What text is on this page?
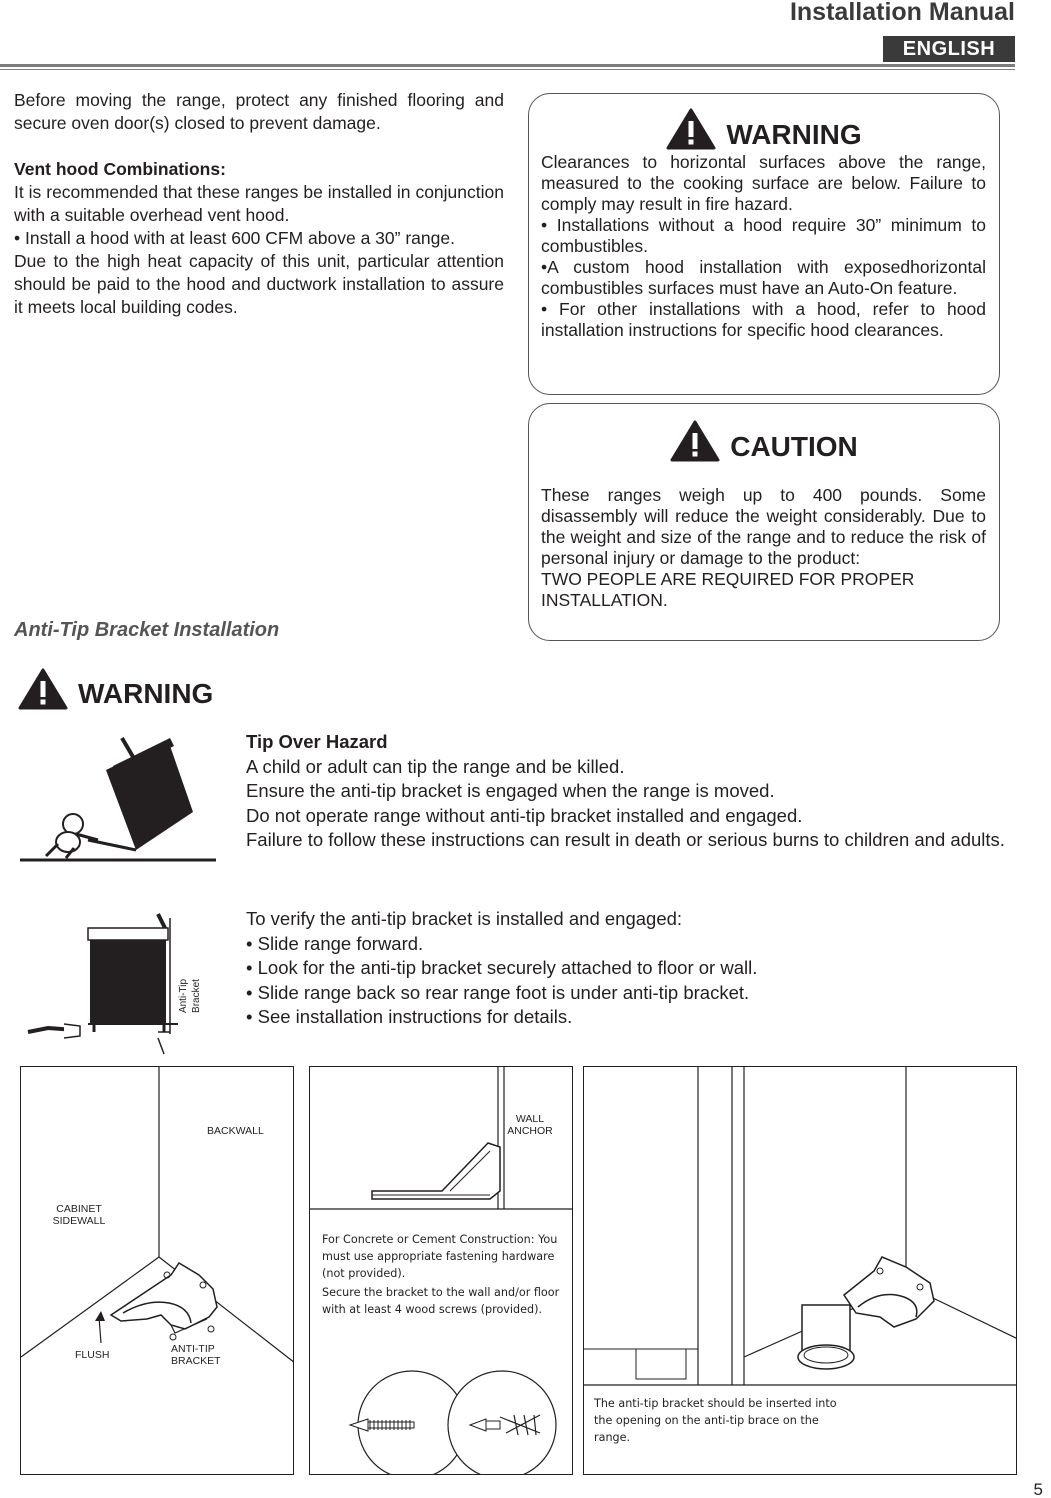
Installation Manual
ENGLISH

Before moving the range, protect any finished flooring and secure oven door(s) closed to prevent damage.

Vent hood Combinations:

It is recommended that these ranges be installed in conjunction with a suitable overhead vent hood.

• Install a hood with at least 600 CFM above a 30” range.

Due to the high heat capacity of this unit, particular attention should be paid to the hood and ductwork installation to assure it meets local building codes.

WARNING

Clearances to horizontal surfaces above the range, measured to the cooking surface are below. Failure to comply may result in fire hazard.

• Installations without a hood require 30” minimum to combustibles.

•A custom hood installation with exposedhorizontal combustibles surfaces must have an Auto-On feature.

• For other installations with a hood, refer to hood installation instructions for specific hood clearances.

CAUTION

These ranges weigh up to 400 pounds. Some disassembly will reduce the weight considerably. Due to the weight and size of the range and to reduce the risk of personal injury or damage to the product:

TWO PEOPLE ARE REQUIRED FOR PROPER INSTALLATION.

Anti-Tip Bracket Installation
WARNING

Tip Over Hazard

A child or adult can tip the range and be killed.

Ensure the anti-tip bracket is engaged when the range is moved.

Do not operate range without anti-tip bracket installed and engaged.

Failure to follow these instructions can result in death or serious burns to children and adults.

Anti-Tip Bracket

To verify the anti-tip bracket is installed and engaged:

• Slide range forward.

• Look for the anti-tip bracket securely attached to floor or wall.

• Slide range back so rear range foot is under anti-tip bracket.

• See installation instructions for details.

BACKWALL
CABINET
SIDEWALL
FLUSH	ANTI-TIP
BRACKET
WALL
ANCHOR

For Concrete or Cement Construction: You must use appropriate fastening hardware (not provided).

Secure the bracket to the wall and/or floor with at least 4 wood screws (provided).

The anti-tip bracket should be inserted into the opening on the anti-tip brace on the range.
5
